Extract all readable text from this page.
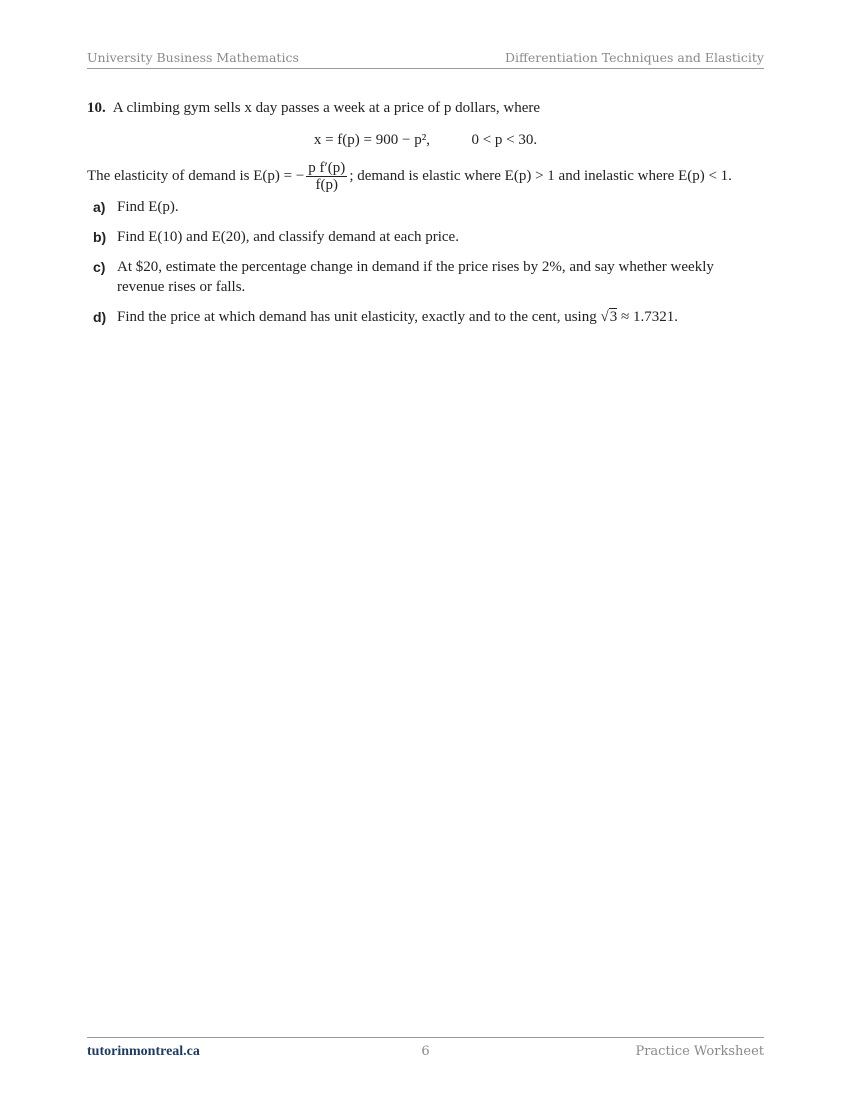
University Business Mathematics	Differentiation Techniques and Elasticity
10. A climbing gym sells x day passes a week at a price of p dollars, where
x = f(p) = 900 − p²,	0 < p < 30.
The elasticity of demand is E(p) = − $\frac{\text{p f′(p)}}{f(p)}$ ; demand is elastic where E(p) > 1 and inelastic where E(p) < 1.
a) Find E(p).
b) Find E(10) and E(20), and classify demand at each price.
c) At $20, estimate the percentage change in demand if the price rises by 2%, and say whether weekly revenue rises or falls.
d) Find the price at which demand has unit elasticity, exactly and to the cent, using √3 ≈ 1.7321.
tutorinmontreal.ca	6	Practice Worksheet
